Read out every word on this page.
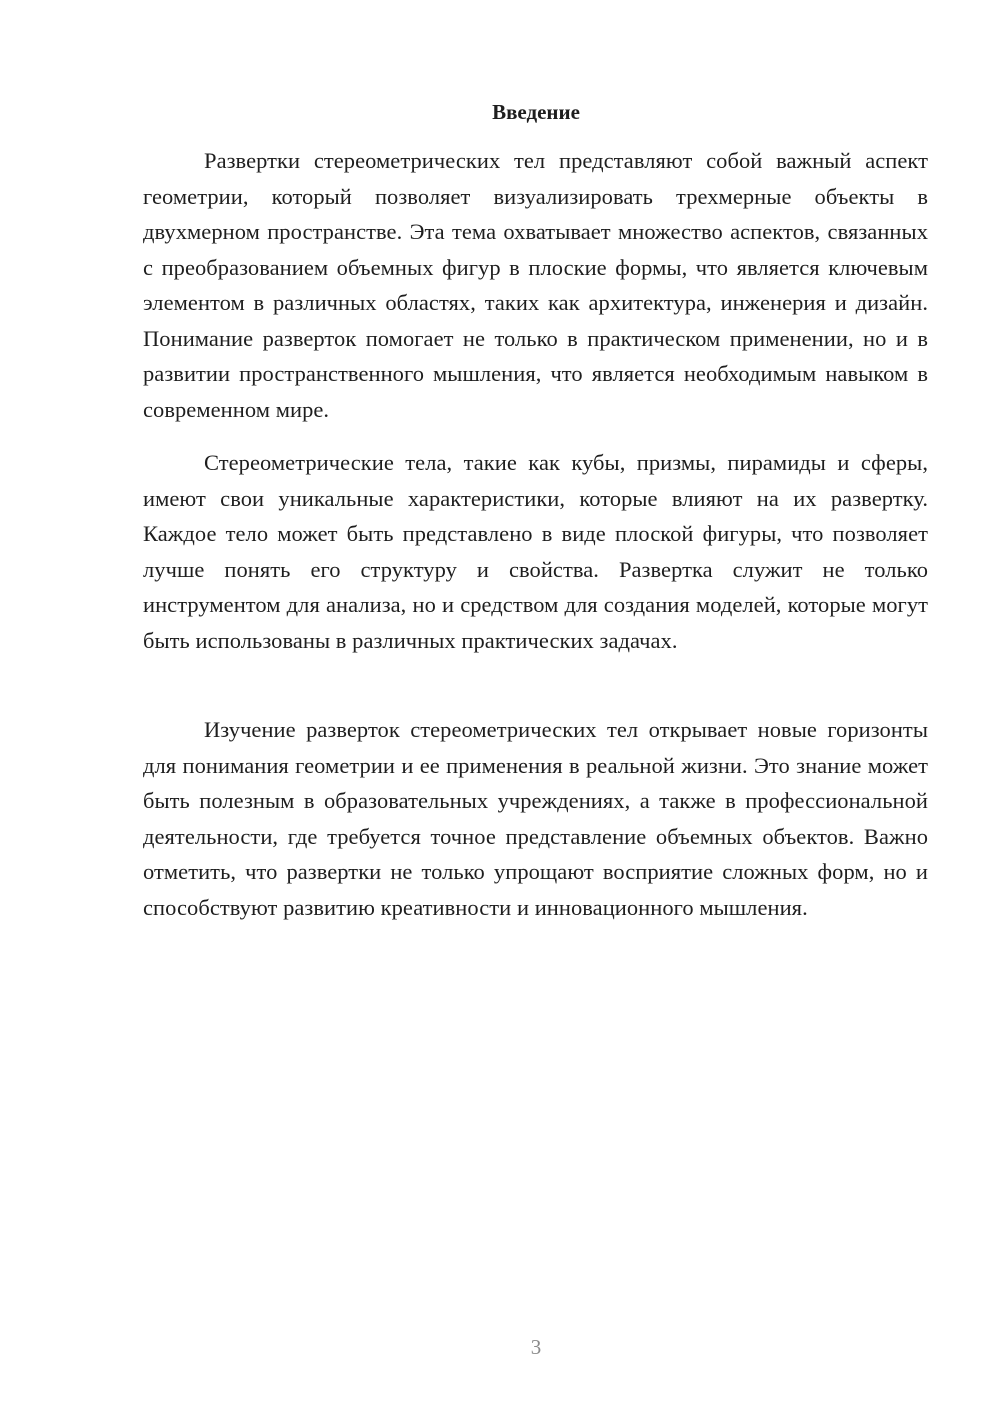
Введение

Развертки стереометрических тел представляют собой важный аспект геометрии, который позволяет визуализировать трехмерные объекты в двухмерном пространстве. Эта тема охватывает множество аспектов, связанных с преобразованием объемных фигур в плоские формы, что является ключевым элементом в различных областях, таких как архитектура, инженерия и дизайн. Понимание разверток помогает не только в практическом применении, но и в развитии пространственного мышления, что является необходимым навыком в современном мире.

Стереометрические тела, такие как кубы, призмы, пирамиды и сферы, имеют свои уникальные характеристики, которые влияют на их развертку. Каждое тело может быть представлено в виде плоской фигуры, что позволяет лучше понять его структуру и свойства. Развертка служит не только инструментом для анализа, но и средством для создания моделей, которые могут быть использованы в различных практических задачах.

Изучение разверток стереометрических тел открывает новые горизонты для понимания геометрии и ее применения в реальной жизни. Это знание может быть полезным в образовательных учреждениях, а также в профессиональной деятельности, где требуется точное представление объемных объектов. Важно отметить, что развертки не только упрощают восприятие сложных форм, но и способствуют развитию креативности и инновационного мышления.

3
